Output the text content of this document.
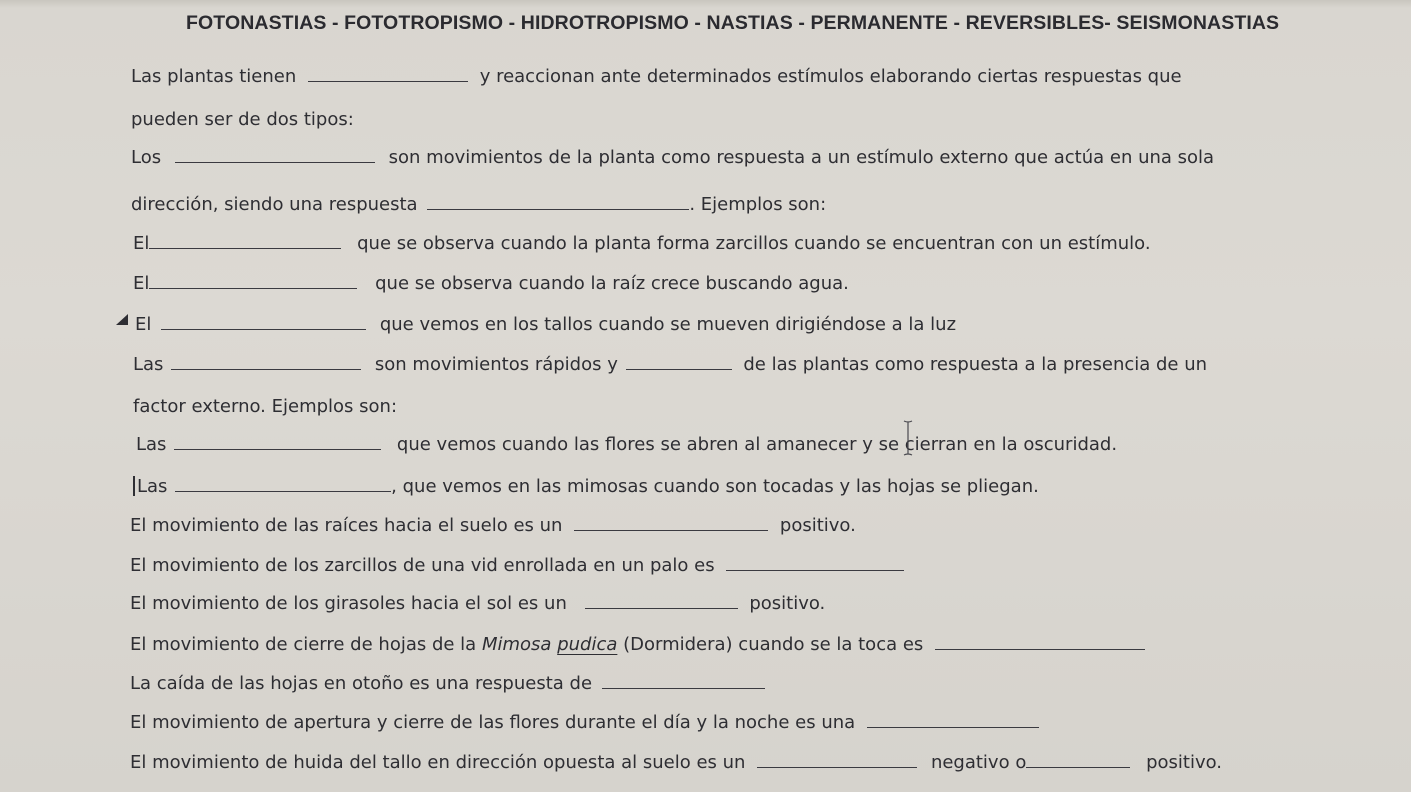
FOTONASTIAS - FOTOTROPISMO - HIDROTROPISMO - NASTIAS - PERMANENTE - REVERSIBLES- SEISMONASTIAS
Las plantas tienen	y reaccionan ante determinados estímulos elaborando ciertas respuestas que
pueden ser de dos tipos:
Los	son movimientos de la planta como respuesta a un estímulo externo que actúa en una sola
dirección, siendo una respuesta	. Ejemplos son:
El	que se observa cuando la planta forma zarcillos cuando se encuentran con un estímulo.
El	que se observa cuando la raíz crece buscando agua.
El	que vemos en los tallos cuando se mueven dirigiéndose a la luz
Las	son movimientos rápidos y	de las plantas como respuesta a la presencia de un
factor externo. Ejemplos son:
Las	que vemos cuando las flores se abren al amanecer y se cierran en la oscuridad.
Las	, que vemos en las mimosas cuando son tocadas y las hojas se pliegan.
El movimiento de las raíces hacia el suelo es un	positivo.
El movimiento de los zarcillos de una vid enrollada en un palo es
El movimiento de los girasoles hacia el sol es un	positivo.
El movimiento de cierre de hojas de la Mimosa pudica (Dormidera) cuando se la toca es
La caída de las hojas en otoño es una respuesta de
El movimiento de apertura y cierre de las flores durante el día y la noche es una
El movimiento de huida del tallo en dirección opuesta al suelo es un	negativo o	positivo.
